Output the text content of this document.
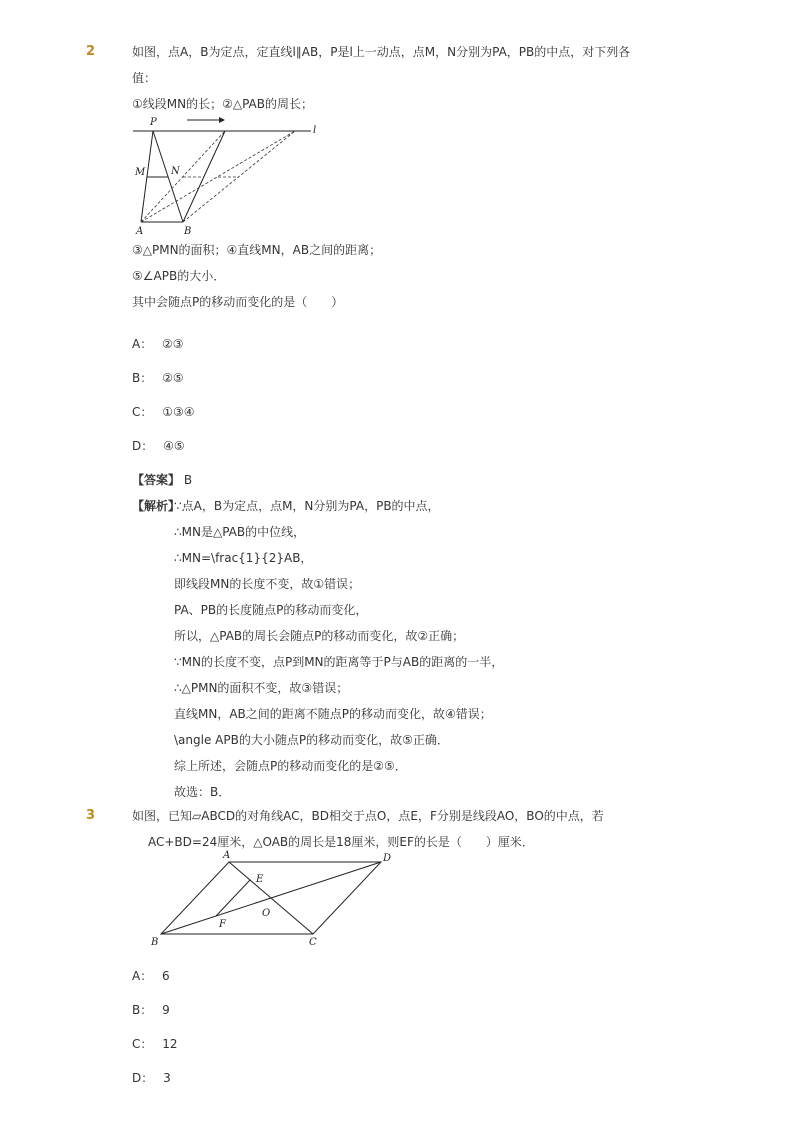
2	如图，点A，B为定点，定直线l∥AB，P是l上一动点，点M，N分别为PA，PB的中点，对下列各
值：
①线段MN的长；②△PAB的周长；
P
l
M	N
A	B
③△PMN的面积；④直线MN，AB之间的距离；
⑤∠APB的大小．
其中会随点P的移动而变化的是（　　）
A： ②③
B： ②⑤
C： ①③④
D： ④⑤
【答案】 B
【解析】
∵点A，B为定点，点M，N分别为PA，PB的中点，
∴MN是△PAB的中位线，
∴MN=\frac{1}{2}AB，
即线段MN的长度不变，故①错误；
PA、PB的长度随点P的移动而变化，
所以，△PAB的周长会随点P的移动而变化，故②正确；
∵MN的长度不变，点P到MN的距离等于P与AB的距离的一半，
∴△PMN的面积不变，故③错误；
直线MN，AB之间的距离不随点P的移动而变化，故④错误；
\angle APB的大小随点P的移动而变化，故⑤正确．
综上所述，会随点P的移动而变化的是②⑤．
故选：B．
3	如图，已知▱ABCD的对角线AC，BD相交于点O，点E，F分别是线段AO，BO的中点，若
AC+BD=24厘米，△OAB的周长是18厘米，则EF的长是（　　）厘米．
A	D
E
O
F
B	C
A： 6
B： 9
C： 12
D： 3
